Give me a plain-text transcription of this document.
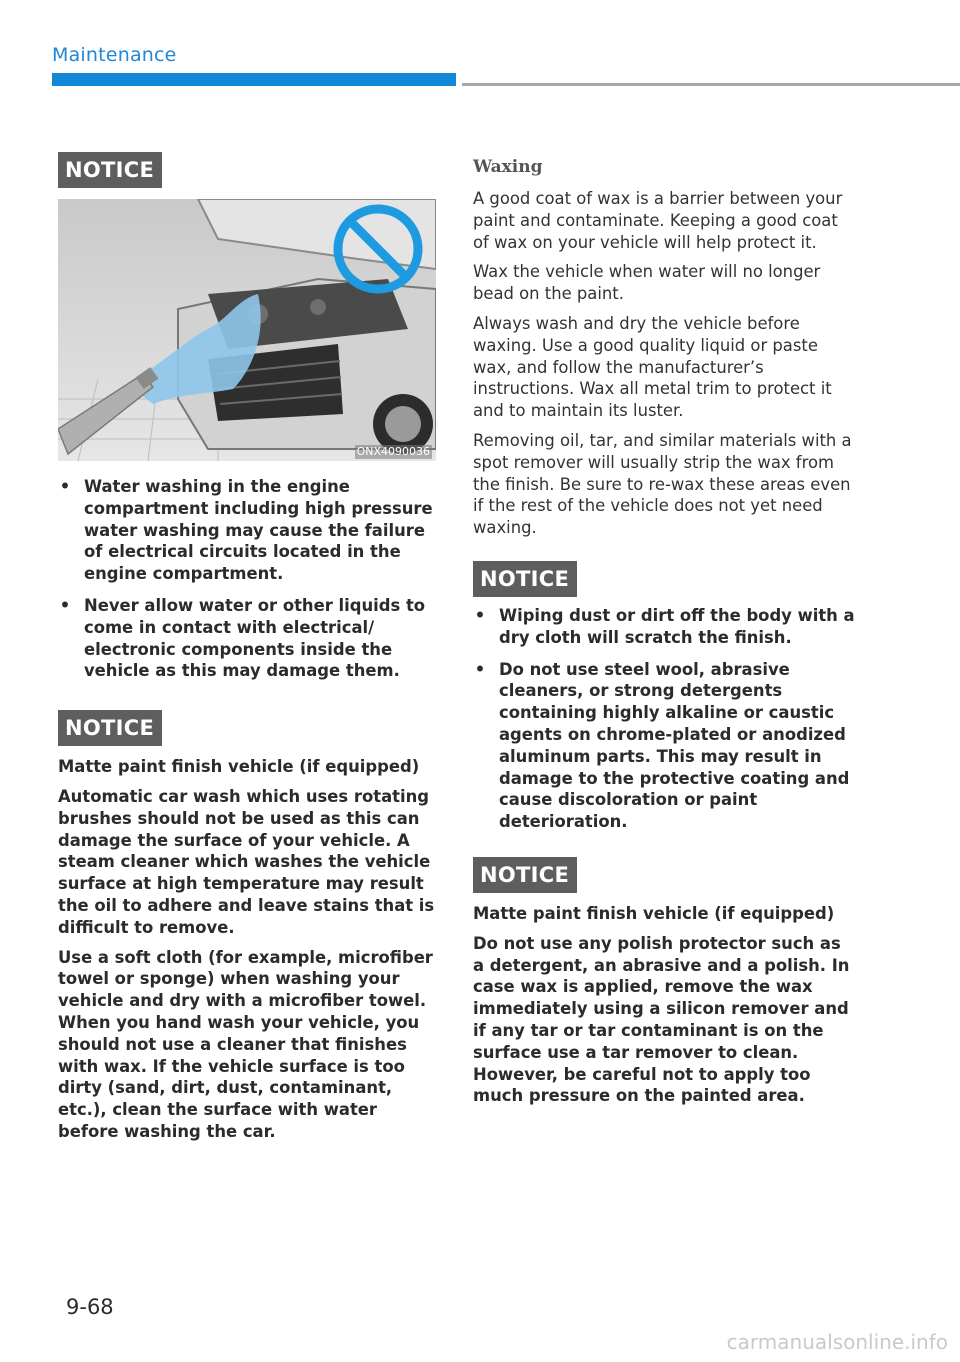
Maintenance
NOTICE
ONX4090036
• Water washing in the engine compartment including high pressure water washing may cause the failure of electrical circuits located in the engine compartment.
• Never allow water or other liquids to come in contact with electrical/ electronic components inside the vehicle as this may damage them.
NOTICE

Matte paint finish vehicle (if equipped)

Automatic car wash which uses rotating brushes should not be used as this can damage the surface of your vehicle. A steam cleaner which washes the vehicle surface at high temperature may result the oil to adhere and leave stains that is difficult to remove.

Use a soft cloth (for example, microfiber towel or sponge) when washing your vehicle and dry with a microfiber towel. When you hand wash your vehicle, you should not use a cleaner that finishes with wax. If the vehicle surface is too dirty (sand, dirt, dust, contaminant, etc.), clean the surface with water before washing the car.

Waxing

A good coat of wax is a barrier between your paint and contaminate. Keeping a good coat of wax on your vehicle will help protect it.

Wax the vehicle when water will no longer bead on the paint.

Always wash and dry the vehicle before waxing. Use a good quality liquid or paste wax, and follow the manufacturer’s instructions. Wax all metal trim to protect it and to maintain its luster.

Removing oil, tar, and similar materials with a spot remover will usually strip the wax from the finish. Be sure to re-wax these areas even if the rest of the vehicle does not yet need waxing.

NOTICE
• Wiping dust or dirt off the body with a dry cloth will scratch the finish.
• Do not use steel wool, abrasive cleaners, or strong detergents containing highly alkaline or caustic agents on chrome-plated or anodized aluminum parts. This may result in damage to the protective coating and cause discoloration or paint deterioration.
NOTICE

Matte paint finish vehicle (if equipped)

Do not use any polish protector such as a detergent, an abrasive and a polish. In case wax is applied, remove the wax immediately using a silicon remover and if any tar or tar contaminant is on the surface use a tar remover to clean. However, be careful not to apply too much pressure on the painted area.

9-68
carmanualsonline.info
